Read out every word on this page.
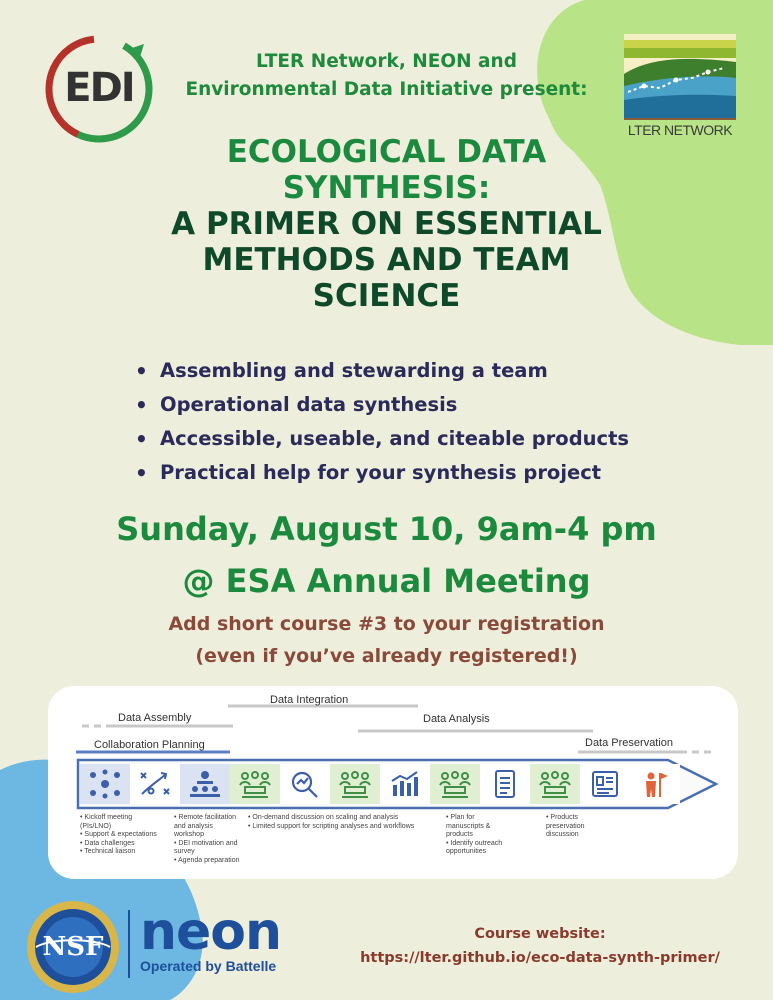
EDI
LTER NETWORK
LTER Network, NEON and
Environmental Data Initiative present:
ECOLOGICAL DATA
SYNTHESIS:
A PRIMER ON ESSENTIAL
METHODS AND TEAM
SCIENCE
• Assembling and stewarding a team
• Operational data synthesis
• Accessible, useable, and citeable products
• Practical help for your synthesis project
Sunday, August 10, 9am-4 pm
@ ESA Annual Meeting
Add short course #3 to your registration
(even if you’ve already registered!)
Data Integration
Data Assembly	Data Analysis
Collaboration Planning	Data Preservation
• Kickoff meeting
(PIs/LNO)
• Support & expectations
• Data challenges
• Technical liaison
• Remote facilitation
and analysis
workshop
• DEI motivation and
survey
• Agenda preparation
• On-demand discussion on scaling and analysis
• Limited support for scripting analyses and workflows
• Plan for
manuscripts &
products
• Identify outreach
opportunities
• Products
preservation
discussion
NSF neon
Operated by Battelle
Course website:
https://lter.github.io/eco-data-synth-primer/
